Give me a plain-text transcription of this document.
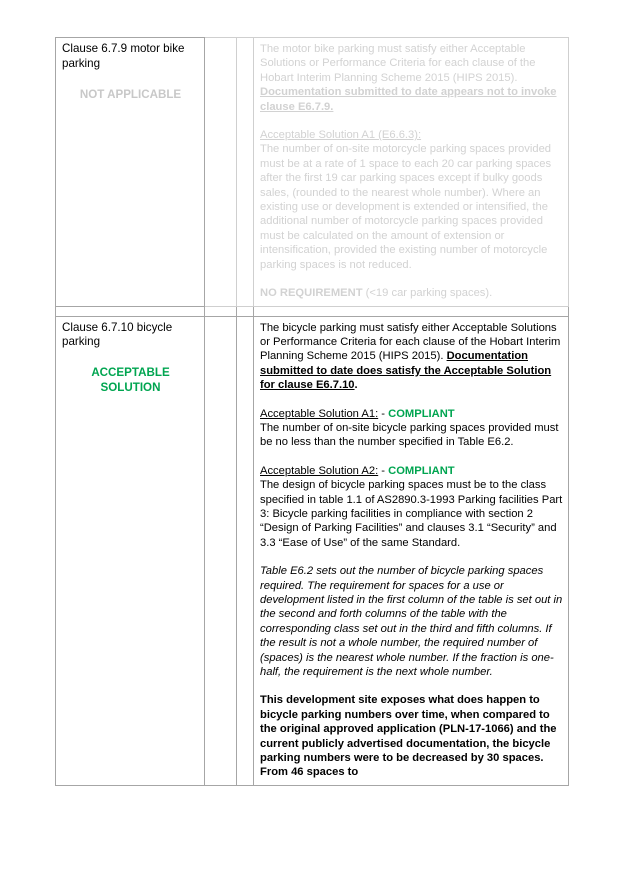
Clause 6.7.9 motor bike parking
NOT APPLICABLE

The motor bike parking must satisfy either Acceptable Solutions or Performance Criteria for each clause of the Hobart Interim Planning Scheme 2015 (HIPS 2015). Documentation submitted to date appears not to invoke clause E6.7.9.

Acceptable Solution A1 (E6.6.3):
The number of on-site motorcycle parking spaces provided must be at a rate of 1 space to each 20 car parking spaces after the first 19 car parking spaces except if bulky goods sales, (rounded to the nearest whole number). Where an existing use or development is extended or intensified, the additional number of motorcycle parking spaces provided must be calculated on the amount of extension or intensification, provided the existing number of motorcycle parking spaces is not reduced.

NO REQUIREMENT (<19 car parking spaces).

Clause 6.7.10 bicycle parking
ACCEPTABLE SOLUTION

The bicycle parking must satisfy either Acceptable Solutions or Performance Criteria for each clause of the Hobart Interim Planning Scheme 2015 (HIPS 2015). Documentation submitted to date does satisfy the Acceptable Solution for clause E6.7.10.

Acceptable Solution A1: - COMPLIANT
The number of on-site bicycle parking spaces provided must be no less than the number specified in Table E6.2.

Acceptable Solution A2: - COMPLIANT
The design of bicycle parking spaces must be to the class specified in table 1.1 of AS2890.3-1993 Parking facilities Part 3: Bicycle parking facilities in compliance with section 2 “Design of Parking Facilities” and clauses 3.1 “Security” and 3.3 “Ease of Use” of the same Standard.

Table E6.2 sets out the number of bicycle parking spaces required. The requirement for spaces for a use or development listed in the first column of the table is set out in the second and forth columns of the table with the corresponding class set out in the third and fifth columns. If the result is not a whole number, the required number of (spaces) is the nearest whole number. If the fraction is one-half, the requirement is the next whole number.

This development site exposes what does happen to bicycle parking numbers over time, when compared to the original approved application (PLN-17-1066) and the current publicly advertised documentation, the bicycle parking numbers were to be decreased by 30 spaces. From 46 spaces to
